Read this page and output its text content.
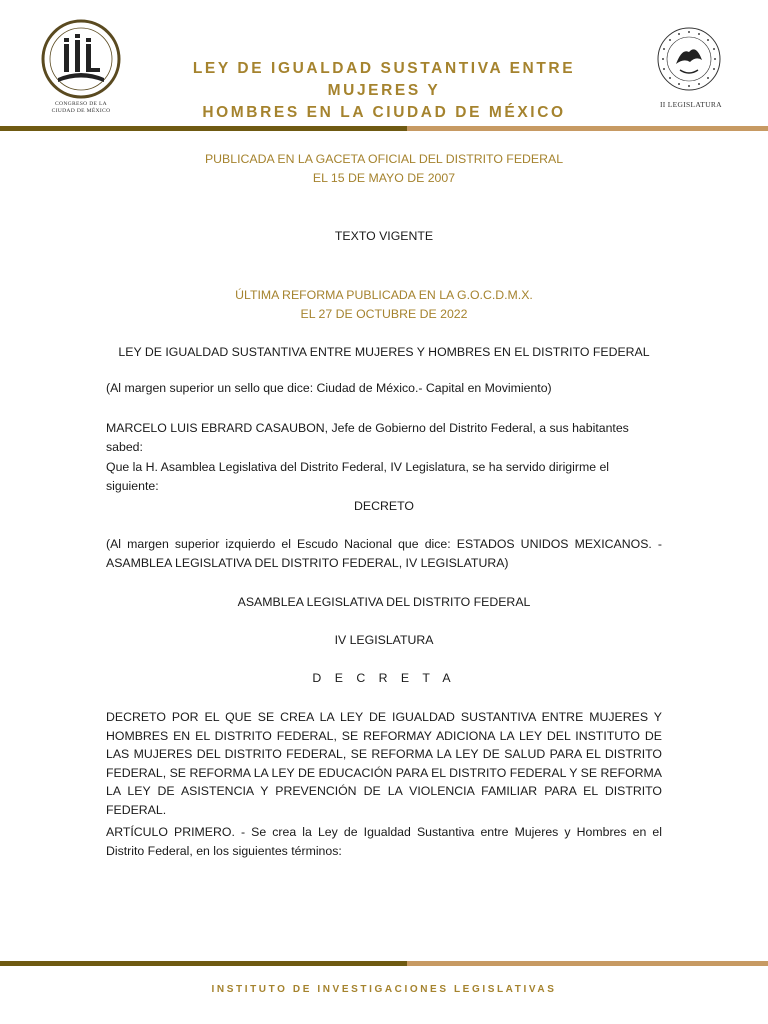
CONGRESO DE LA
CIUDAD DE MÉXICO
LEY DE IGUALDAD SUSTANTIVA ENTRE MUJERES Y
HOMBRES EN LA CIUDAD DE MÉXICO	II LEGISLATURA
PUBLICADA EN LA GACETA OFICIAL DEL DISTRITO FEDERAL
EL 15 DE MAYO DE 2007
TEXTO VIGENTE
ÚLTIMA REFORMA PUBLICADA EN LA G.O.C.D.M.X.
EL 27 DE OCTUBRE DE 2022
LEY DE IGUALDAD SUSTANTIVA ENTRE MUJERES Y HOMBRES EN EL DISTRITO FEDERAL
(Al margen superior un sello que dice: Ciudad de México.- Capital en Movimiento)
MARCELO LUIS EBRARD CASAUBON, Jefe de Gobierno del Distrito Federal, a sus habitantes sabed:
Que la H. Asamblea Legislativa del Distrito Federal, IV Legislatura, se ha servido dirigirme el siguiente:
DECRETO
(Al margen superior izquierdo el Escudo Nacional que dice: ESTADOS UNIDOS MEXICANOS. - ASAMBLEA LEGISLATIVA DEL DISTRITO FEDERAL, IV LEGISLATURA)
ASAMBLEA LEGISLATIVA DEL DISTRITO FEDERAL
IV LEGISLATURA
D E C R E T A
DECRETO POR EL QUE SE CREA LA LEY DE IGUALDAD SUSTANTIVA ENTRE MUJERES Y HOMBRES EN EL DISTRITO FEDERAL, SE REFORMAY ADICIONA LA LEY DEL INSTITUTO DE LAS MUJERES DEL DISTRITO FEDERAL, SE REFORMA LA LEY DE SALUD PARA EL DISTRITO FEDERAL, SE REFORMA LA LEY DE EDUCACIÓN PARA EL DISTRITO FEDERAL Y SE REFORMA LA LEY DE ASISTENCIA Y PREVENCIÓN DE LA VIOLENCIA FAMILIAR PARA EL DISTRITO FEDERAL.
ARTÍCULO PRIMERO. - Se crea la Ley de Igualdad Sustantiva entre Mujeres y Hombres en el Distrito Federal, en los siguientes términos:
INSTITUTO DE INVESTIGACIONES LEGISLATIVAS
